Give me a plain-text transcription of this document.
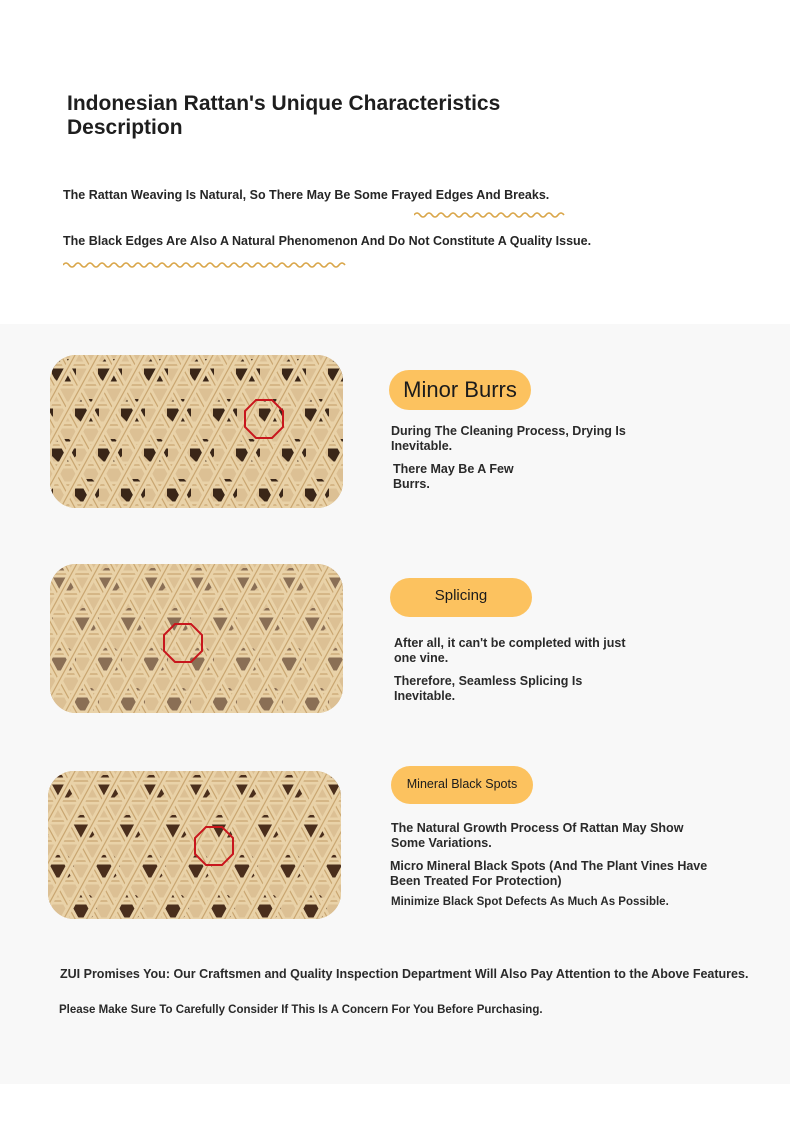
Indonesian Rattan's Unique Characteristics Description

The Rattan Weaving Is Natural, So There May Be Some Frayed Edges And Breaks.

The Black Edges Are Also A Natural Phenomenon And Do Not Constitute A Quality Issue.

Minor Burrs

During The Cleaning Process, Drying Is Inevitable.

There May Be A Few Burrs.

Splicing

After all, it can't be completed with just one vine.

Therefore, Seamless Splicing Is Inevitable.

Mineral Black Spots

The Natural Growth Process Of Rattan May Show Some Variations.

Micro Mineral Black Spots (And The Plant Vines Have Been Treated For Protection)

Minimize Black Spot Defects As Much As Possible.

ZUI Promises You: Our Craftsmen and Quality Inspection Department Will Also Pay Attention to the Above Features.

Please Make Sure To Carefully Consider If This Is A Concern For You Before Purchasing.
